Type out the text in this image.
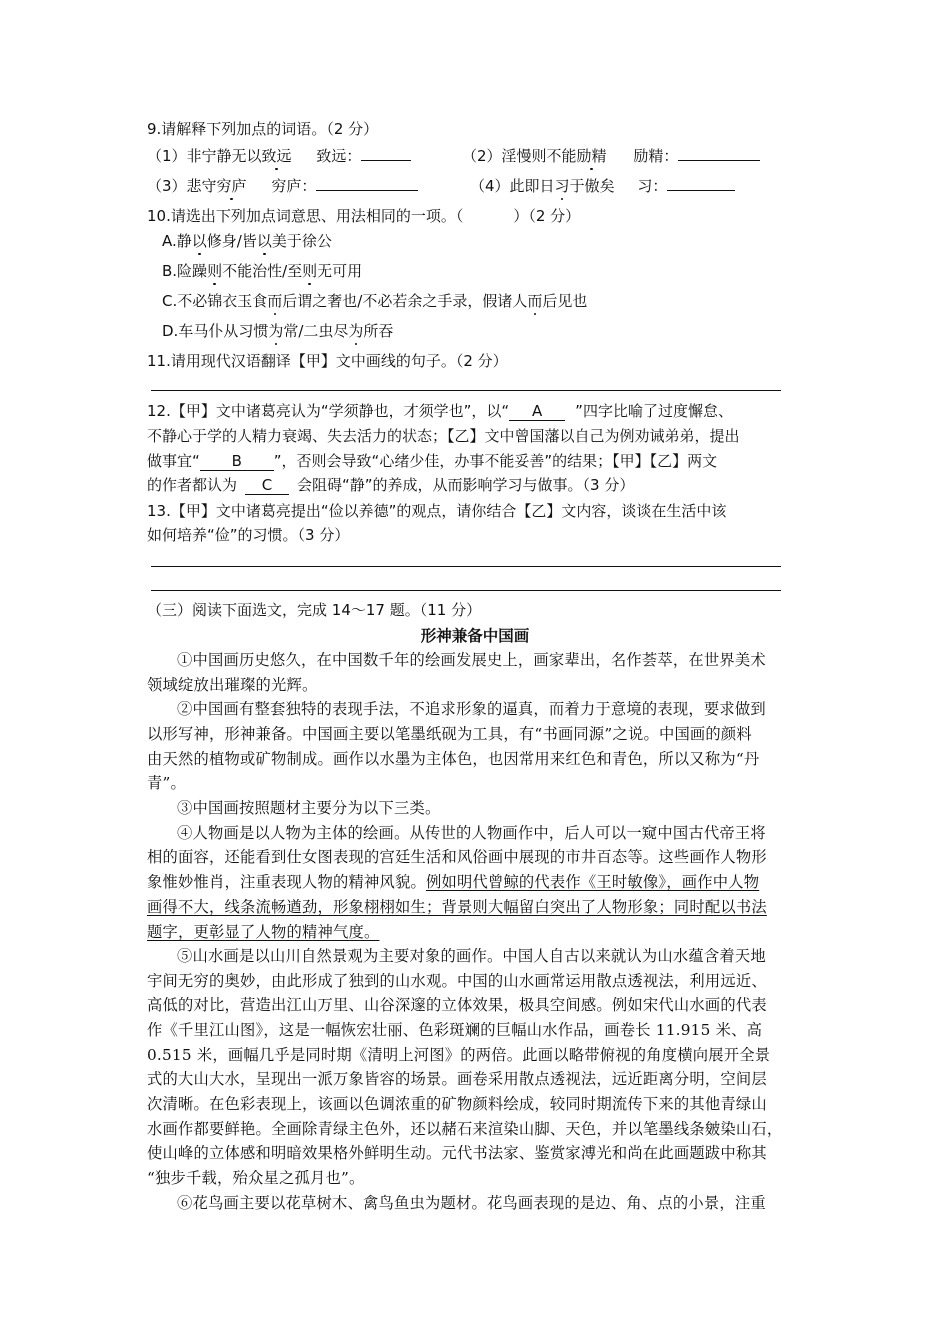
9.请解释下列加点的词语。（2 分）
（1）非宁静无以致远 致远：	（2）淫慢则不能励精 励精：
（3）悲守穷庐 穷庐：	（4）此即日习于傲矣 习：
10.请选出下列加点词意思、用法相同的一项。（	）（2 分）
A.静以修身/皆以美于徐公
B.险躁则不能治性/至则无可用
C.不必锦衣玉食而后谓之奢也/不必若余之手录，假诸人而后见也
D.车马仆从习惯为常/二虫尽为所吞
11.请用现代汉语翻译【甲】文中画线的句子。（2 分）
12.【甲】文中诸葛亮认为“学须静也，才须学也”，以“ A ”四字比喻了过度懈怠、
不静心于学的人精力衰竭、失去活力的状态；【乙】文中曾国藩以自己为例劝诫弟弟，提出
做事宜“ B ”，否则会导致“心绪少佳，办事不能妥善”的结果；【甲】【乙】两文
的作者都认为 C 会阻碍“静”的养成，从而影响学习与做事。（3 分）
13.【甲】文中诸葛亮提出“俭以养德”的观点，请你结合【乙】文内容，谈谈在生活中该
如何培养“俭”的习惯。（3 分）
（三）阅读下面选文，完成 14～17 题。（11 分）
形神兼备中国画
①中国画历史悠久，在中国数千年的绘画发展史上，画家辈出，名作荟萃，在世界美术
领域绽放出璀璨的光辉。
②中国画有整套独特的表现手法，不追求形象的逼真，而着力于意境的表现，要求做到
以形写神，形神兼备。中国画主要以笔墨纸砚为工具，有“书画同源”之说。中国画的颜料
由天然的植物或矿物制成。画作以水墨为主体色，也因常用来红色和青色，所以又称为“丹
青”。
③中国画按照题材主要分为以下三类。
④人物画是以人物为主体的绘画。从传世的人物画作中，后人可以一窥中国古代帝王将
相的面容，还能看到仕女图表现的宫廷生活和风俗画中展现的市井百态等。这些画作人物形
象惟妙惟肖，注重表现人物的精神风貌。例如明代曾鲸的代表作《王时敏像》，画作中人物
画得不大，线条流畅遒劲，形象栩栩如生；背景则大幅留白突出了人物形象；同时配以书法
题字，更彰显了人物的精神气度。
⑤山水画是以山川自然景观为主要对象的画作。中国人自古以来就认为山水蕴含着天地
宇间无穷的奥妙，由此形成了独到的山水观。中国的山水画常运用散点透视法，利用远近、
高低的对比，营造出江山万里、山谷深邃的立体效果，极具空间感。例如宋代山水画的代表
作《千里江山图》，这是一幅恢宏壮丽、色彩斑斓的巨幅山水作品，画卷长 11.915 米、高
0.515 米，画幅几乎是同时期《清明上河图》的两倍。此画以略带俯视的角度横向展开全景
式的大山大水，呈现出一派万象皆容的场景。画卷采用散点透视法，远近距离分明，空间层
次清晰。在色彩表现上，该画以色调浓重的矿物颜料绘成，较同时期流传下来的其他青绿山
水画作都要鲜艳。全画除青绿主色外，还以赭石来渲染山脚、天色，并以笔墨线条皴染山石，
使山峰的立体感和明暗效果格外鲜明生动。元代书法家、鉴赏家溥光和尚在此画题跋中称其
“独步千载，殆众星之孤月也”。
⑥花鸟画主要以花草树木、禽鸟鱼虫为题材。花鸟画表现的是边、角、点的小景，注重
